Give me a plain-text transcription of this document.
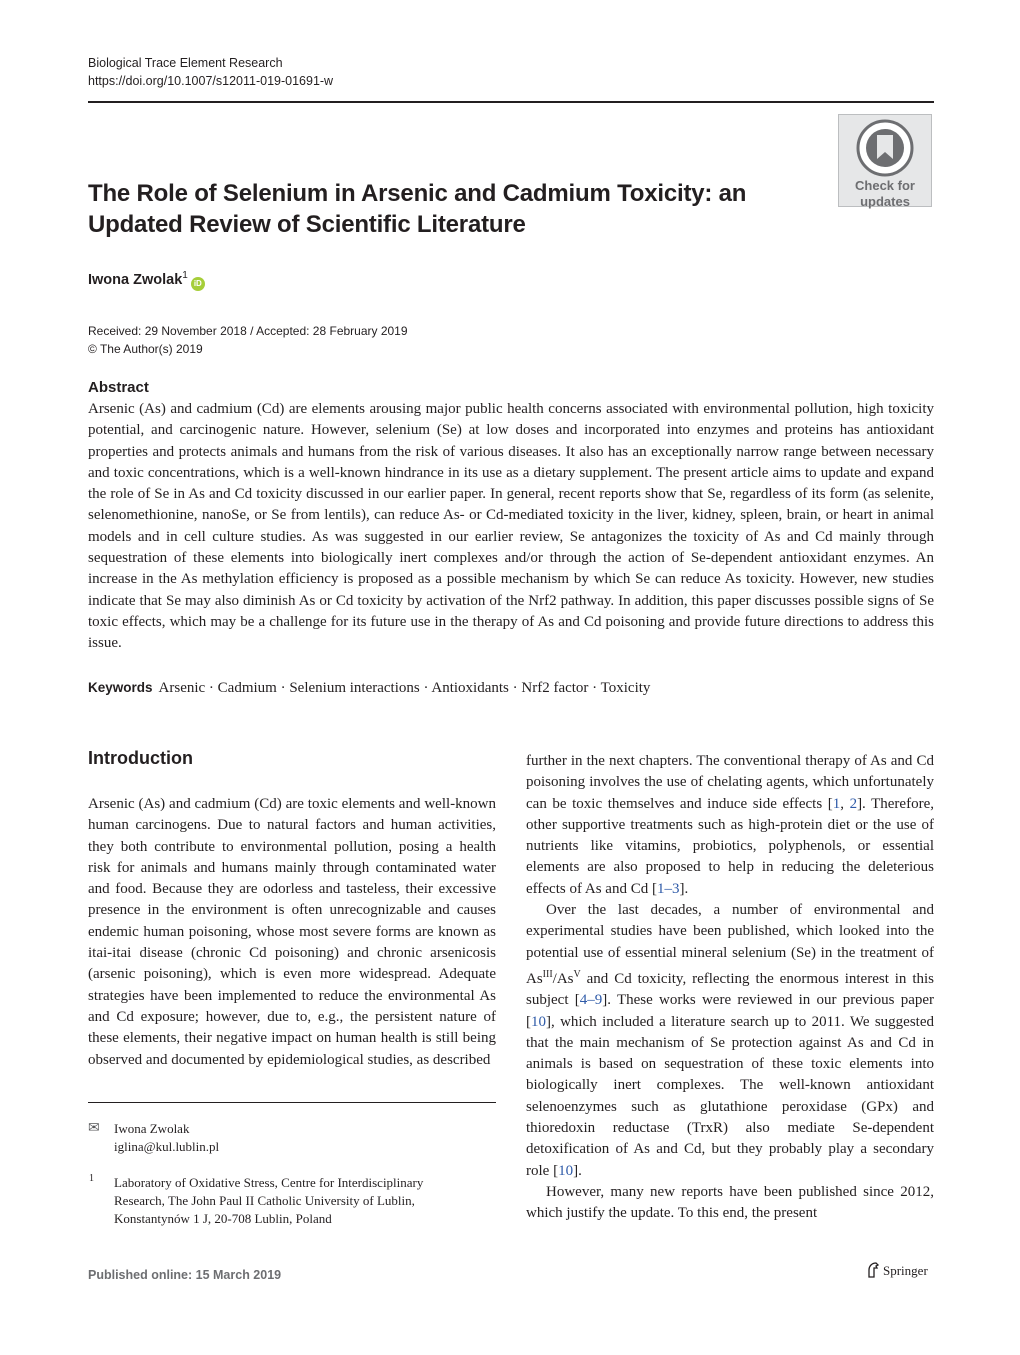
Biological Trace Element Research
https://doi.org/10.1007/s12011-019-01691-w
Check for
updates
The Role of Selenium in Arsenic and Cadmium Toxicity: an Updated Review of Scientific Literature
Iwona Zwolak$^1$iD
Received: 29 November 2018 / Accepted: 28 February 2019
© The Author(s) 2019
Abstract
Arsenic (As) and cadmium (Cd) are elements arousing major public health concerns associated with environmental pollution, high toxicity potential, and carcinogenic nature. However, selenium (Se) at low doses and incorporated into enzymes and proteins has antioxidant properties and protects animals and humans from the risk of various diseases. It also has an exceptionally narrow range between necessary and toxic concentrations, which is a well-known hindrance in its use as a dietary supplement. The present article aims to update and expand the role of Se in As and Cd toxicity discussed in our earlier paper. In general, recent reports show that Se, regardless of its form (as selenite, selenomethionine, nanoSe, or Se from lentils), can reduce As- or Cd-mediated toxicity in the liver, kidney, spleen, brain, or heart in animal models and in cell culture studies. As was suggested in our earlier review, Se antagonizes the toxicity of As and Cd mainly through sequestration of these elements into biologically inert complexes and/or through the action of Se-dependent antioxidant enzymes. An increase in the As methylation efficiency is proposed as a possible mechanism by which Se can reduce As toxicity. However, new studies indicate that Se may also diminish As or Cd toxicity by activation of the Nrf2 pathway. In addition, this paper discusses possible signs of Se toxic effects, which may be a challenge for its future use in the therapy of As and Cd poisoning and provide future directions to address this issue.
Keywords Arsenic · Cadmium · Selenium interactions · Antioxidants · Nrf2 factor · Toxicity
Introduction

Arsenic (As) and cadmium (Cd) are toxic elements and well-known human carcinogens. Due to natural factors and human activities, they both contribute to environmental pollution, posing a health risk for animals and humans mainly through contaminated water and food. Because they are odorless and tasteless, their excessive presence in the environment is often unrecognizable and causes endemic human poisoning, whose most severe forms are known as itai-itai disease (chronic Cd poisoning) and chronic arsenicosis (arsenic poisoning), which is even more widespread. Adequate strategies have been implemented to reduce the environmental As and Cd exposure; however, due to, e.g., the persistent nature of these elements, their negative impact on human health is still being observed and documented by epidemiological studies, as described

further in the next chapters. The conventional therapy of As and Cd poisoning involves the use of chelating agents, which unfortunately can be toxic themselves and induce side effects [1, 2]. Therefore, other supportive treatments such as high-protein diet or the use of nutrients like vitamins, probiotics, polyphenols, or essential elements are also proposed to help in reducing the deleterious effects of As and Cd [1–3].

Over the last decades, a number of environmental and experimental studies have been published, which looked into the potential use of essential mineral selenium (Se) in the treatment of $As^{III}/As^V$ and Cd toxicity, reflecting the enormous interest in this subject [4–9]. These works were reviewed in our previous paper [10], which included a literature search up to 2011. We suggested that the main mechanism of Se protection against As and Cd in animals is based on sequestration of these toxic elements into biologically inert complexes. The well-known antioxidant selenoenzymes such as glutathione peroxidase (GPx) and thioredoxin reductase (TrxR) also mediate Se-dependent detoxification of As and Cd, but they probably play a secondary role [10].

However, many new reports have been published since 2012, which justify the update. To this end, the present

✉ Iwona Zwolak
iglina@kul.lublin.pl
1 Laboratory of Oxidative Stress, Centre for Interdisciplinary
Research, The John Paul II Catholic University of Lublin,
Konstantynów 1 J, 20-708 Lublin, Poland
Published online: 15 March 2019	Springer
